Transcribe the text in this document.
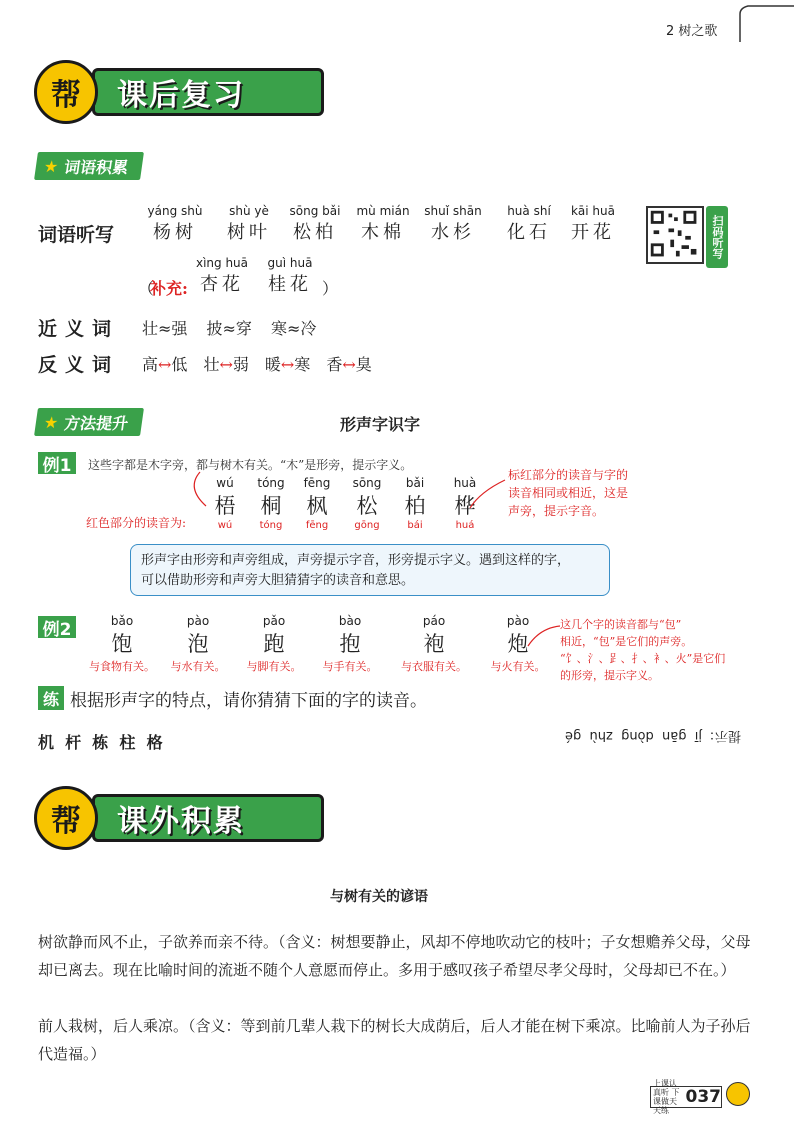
2 树之歌
课后复习
帮
★ 词语积累
词语听写
yáng shù
杨树
shù yè
树叶
sōng bǎi
松柏
mù mián
木棉
shuǐ shān
水杉
huà shí
化石
kāi huā
开花
（
补充:
xìng huā
杏花
guì huā
桂花 ）
扫码听写
近义词 壮≈强 披≈穿 寒≈冷
反义词 高↔低 壮↔弱 暖↔寒 香↔臭
★ 方法提升	形声字识字
例1	这些字都是木字旁，都与树木有关。“木”是形旁，提示字义。
红色部分的读音为:
wú
梧
wú
tóng
桐
tóng
fēng
枫
fēng
sōng
松
gōng
bǎi
柏
bái
huà
桦
huá
标红部分的读音与字的
读音相同或相近，这是
声旁，提示字音。
形声字由形旁和声旁组成，声旁提示字音，形旁提示字义。遇到这样的字，
可以借助形旁和声旁大胆猜猜字的读音和意思。
例2	bǎo
饱
与食物有关。
pào
泡
与水有关。
pǎo
跑
与脚有关。
bào
抱
与手有关。
páo
袍
与衣服有关。
pào
炮
与火有关。
这几个字的读音都与“包”
相近，“包”是它们的声旁。
“饣、氵、𧾷、扌、衤、火”是它们
的形旁，提示字义。
练 根据形声字的特点，请你猜猜下面的字的读音。
机  杆  栋  柱  格	提示：jī  gān  dòng  zhù  gé
课外积累
帮
与树有关的谚语
树欲静而风不止，子欲养而亲不待。（含义：树想要静止，风却不停地吹动它的枝叶；子女想赡养父母，父母却已离去。现在比喻时间的流逝不随个人意愿而停止。多用于感叹孩子希望尽孝父母时，父母却已不在。）
前人栽树，后人乘凉。（含义：等到前几辈人栽下的树长大成荫后，后人才能在树下乘凉。比喻前人为子孙后代造福。）
上课认真听 下课做天天练
037
